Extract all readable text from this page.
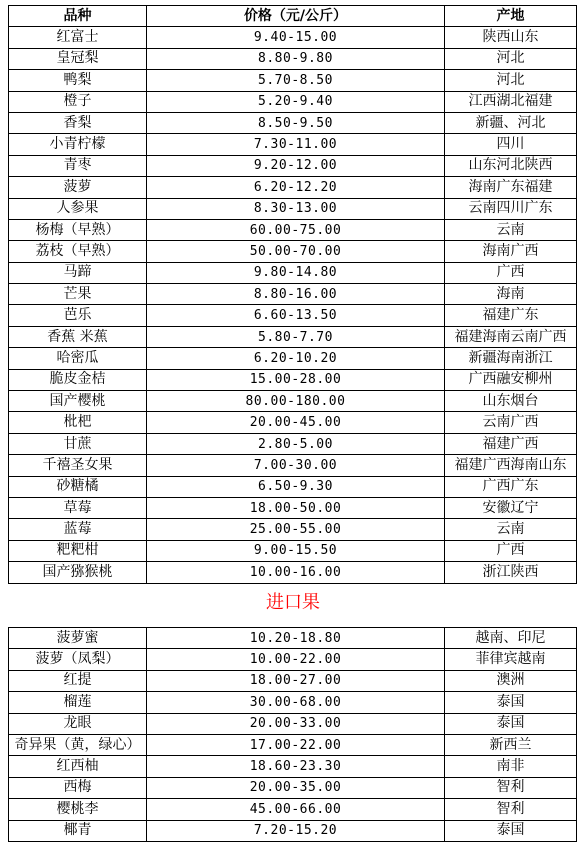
品种	价格（元/公斤）	产地
红富士	9.40-15.00	陕西山东
皇冠梨	8.80-9.80	河北
鸭梨	5.70-8.50	河北
橙子	5.20-9.40	江西湖北福建
香梨	8.50-9.50	新疆、河北
小青柠檬	7.30-11.00	四川
青枣	9.20-12.00	山东河北陕西
菠萝	6.20-12.20	海南广东福建
人参果	8.30-13.00	云南四川广东
杨梅（早熟）	60.00-75.00	云南
荔枝（早熟）	50.00-70.00	海南广西
马蹄	9.80-14.80	广西
芒果	8.80-16.00	海南
芭乐	6.60-13.50	福建广东
香蕉 米蕉	5.80-7.70	福建海南云南广西
哈密瓜	6.20-10.20	新疆海南浙江
脆皮金桔	15.00-28.00	广西融安柳州
国产樱桃	80.00-180.00	山东烟台
枇杷	20.00-45.00	云南广西
甘蔗	2.80-5.00	福建广西
千禧圣女果	7.00-30.00	福建广西海南山东
砂糖橘	6.50-9.30	广西广东
草莓	18.00-50.00	安徽辽宁
蓝莓	25.00-55.00	云南
粑粑柑	9.00-15.50	广西
国产猕猴桃	10.00-16.00	浙江陕西
进口果
菠萝蜜	10.20-18.80	越南、印尼
菠萝（凤梨）	10.00-22.00	菲律宾越南
红提	18.00-27.00	澳洲
榴莲	30.00-68.00	泰国
龙眼	20.00-33.00	泰国
奇异果（黄，绿心）	17.00-22.00	新西兰
红西柚	18.60-23.30	南非
西梅	20.00-35.00	智利
樱桃李	45.00-66.00	智利
椰青	7.20-15.20	泰国
